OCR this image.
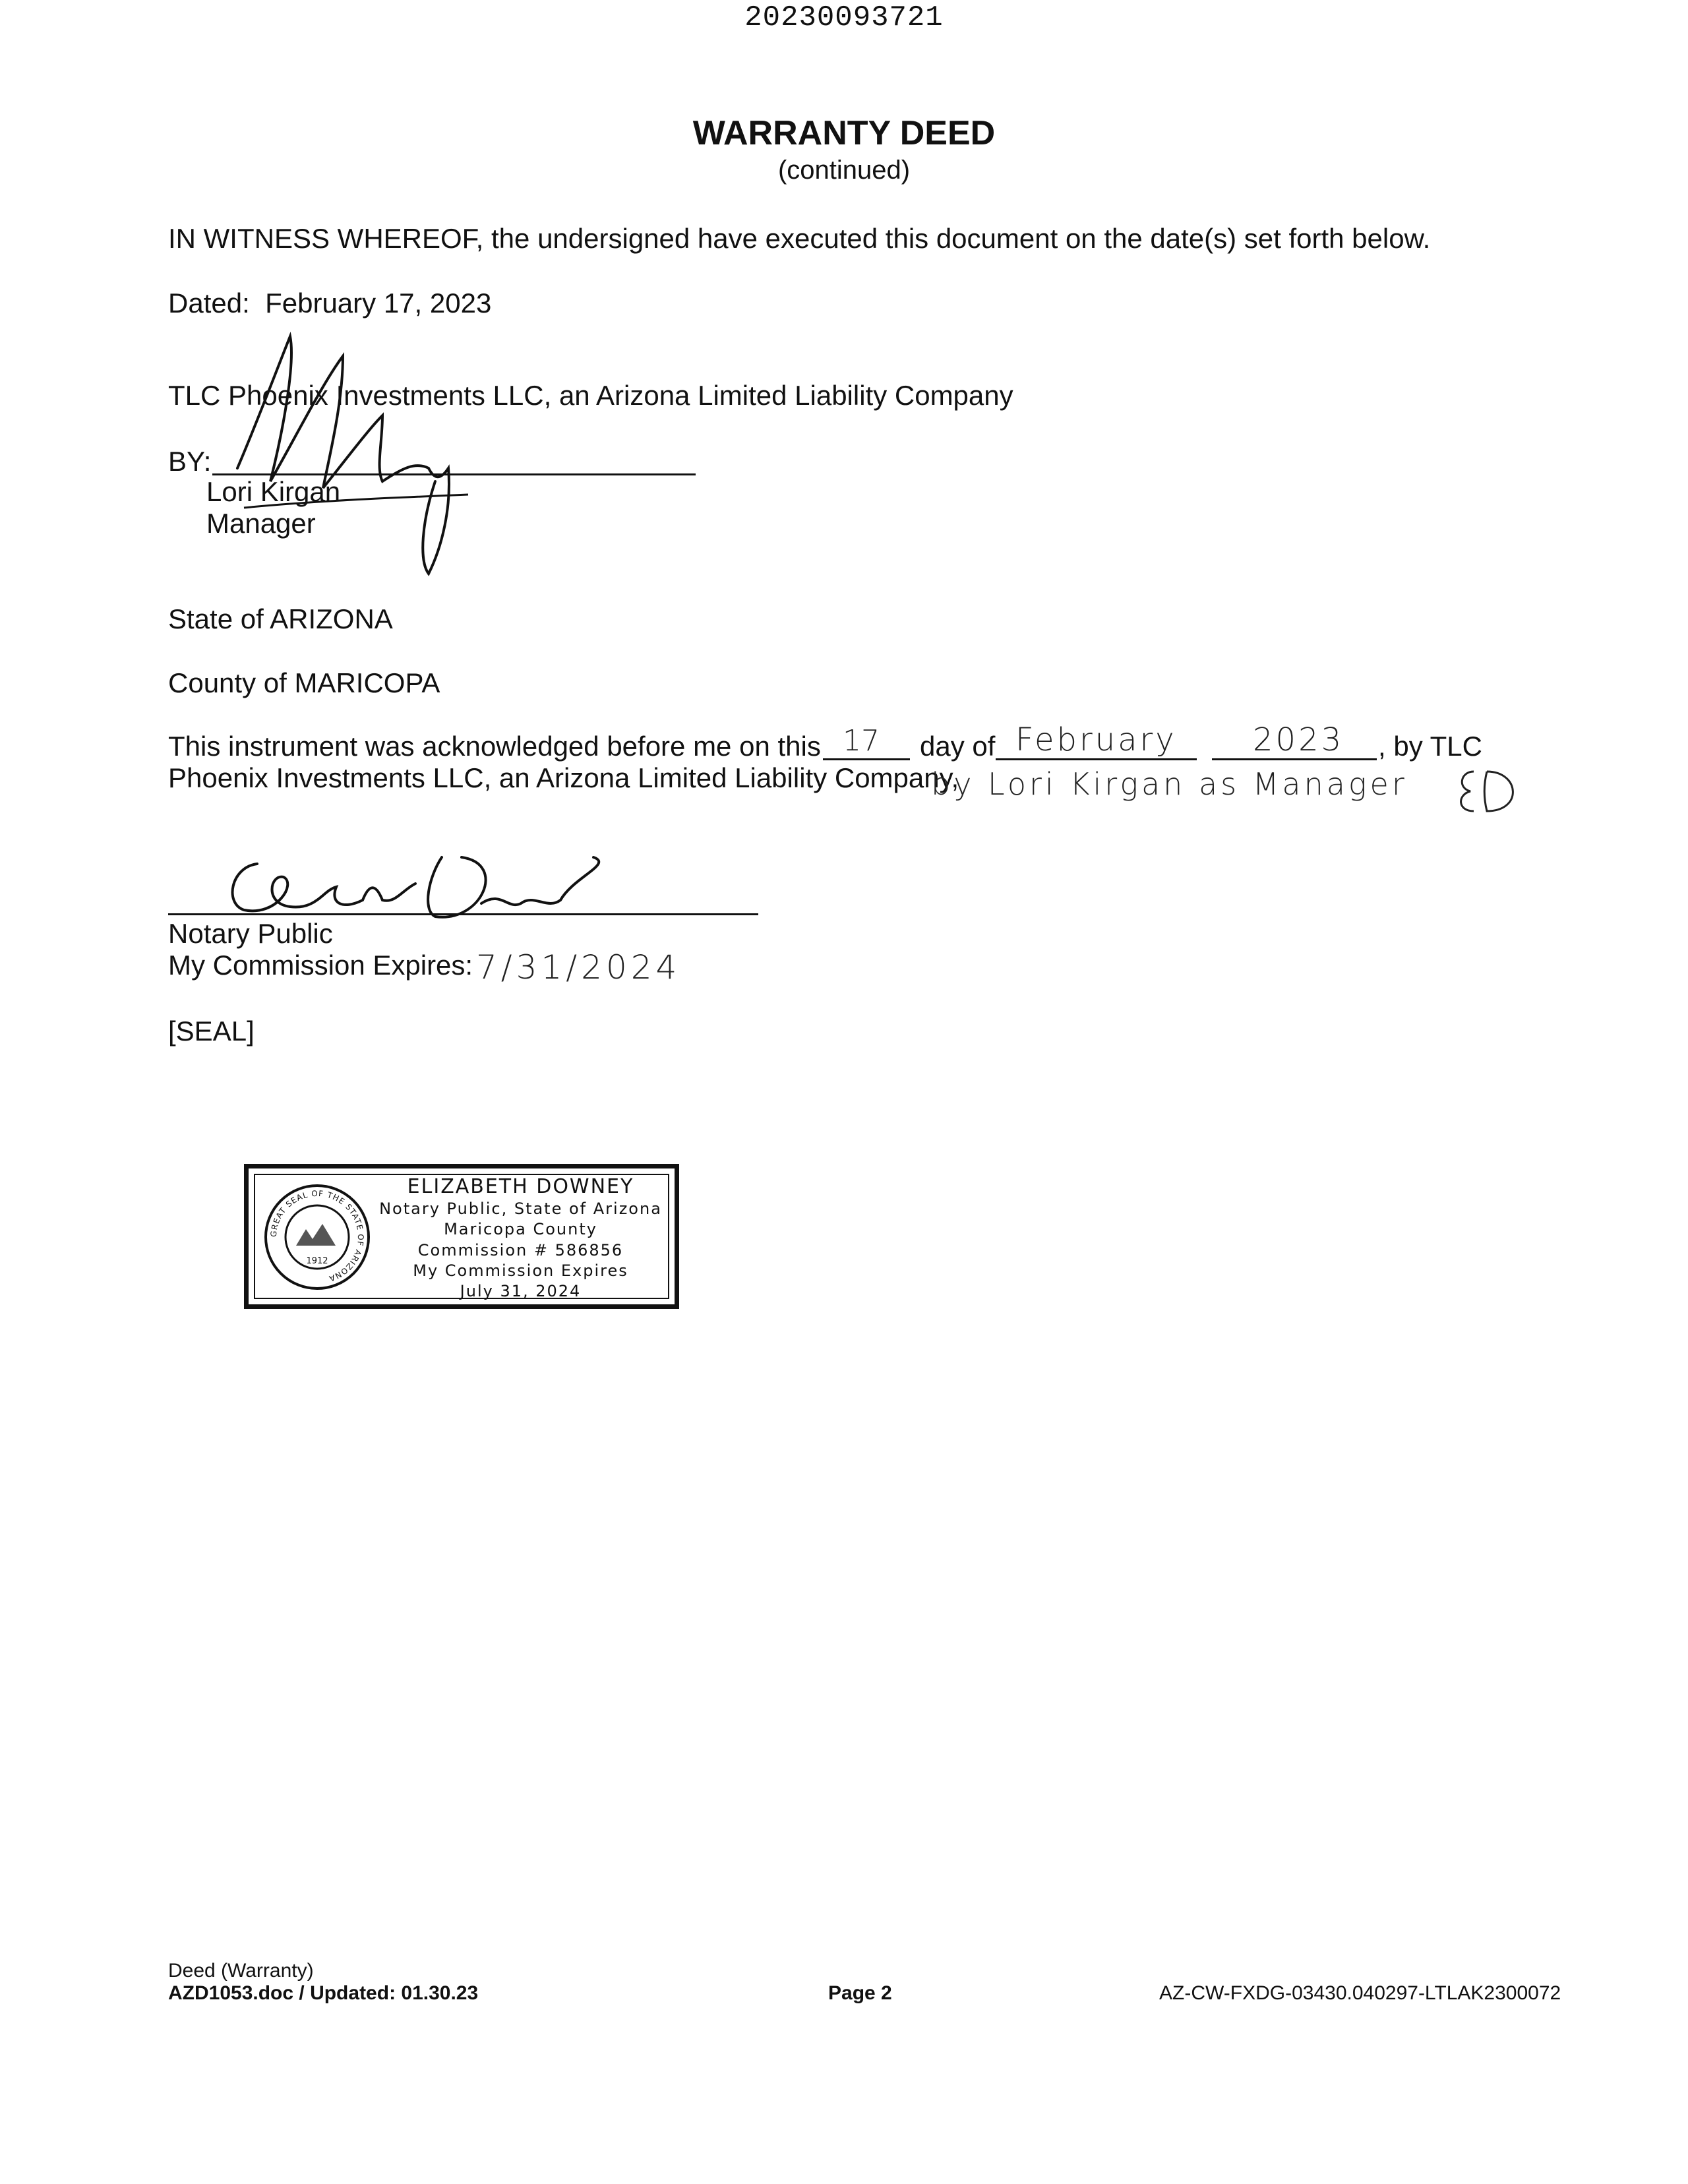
20230093721
WARRANTY DEED
(continued)
IN WITNESS WHEREOF, the undersigned have executed this document on the date(s) set forth below.
Dated: February 17, 2023
TLC Phoenix Investments LLC, an Arizona Limited Liability Company
BY:
Lori Kirgan
Manager
State of ARIZONA
County of MARICOPA
This instrument was acknowledged before me on this 17 day of February 2023 , by TLC
Phoenix Investments LLC, an Arizona Limited Liability Company,
by Lori Kirgan as Manager
Notary Public
My Commission Expires: 7/31/2024
[SEAL]
GREAT SEAL OF THE STATE OF ARIZONA
1912
ELIZABETH DOWNEY
Notary Public, State of Arizona
Maricopa County
Commission # 586856
My Commission Expires
July 31, 2024
Deed (Warranty)
AZD1053.doc / Updated: 01.30.23	Page 2	AZ-CW-FXDG-03430.040297-LTLAK2300072
